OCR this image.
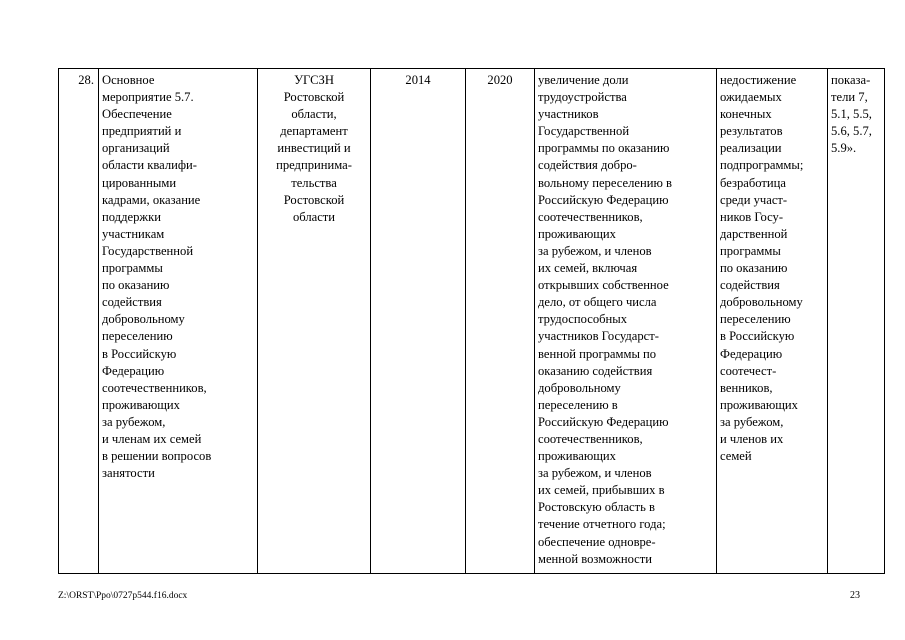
28.	Основное
мероприятие 5.7.
Обеспечение
предприятий и
организаций
области квалифи-
цированными
кадрами, оказание
поддержки
участникам
Государственной
программы
по оказанию
содействия
добровольному
переселению
в Российскую
Федерацию
соотечественников,
проживающих
за рубежом,
и членам их семей
в решении вопросов
занятости	УГСЗН
Ростовской
области,
департамент
инвестиций и
предпринима-
тельства
Ростовской
области	2014	2020	увеличение доли
трудоустройства
участников
Государственной
программы по оказанию
содействия добро-
вольному переселению в
Российскую Федерацию
соотечественников,
проживающих
за рубежом, и членов
их семей, включая
открывших собственное
дело, от общего числа
трудоспособных
участников Государст-
венной программы по
оказанию содействия
добровольному
переселению в
Российскую Федерацию
соотечественников,
проживающих
за рубежом, и членов
их семей, прибывших в
Ростовскую область в
течение отчетного года;
обеспечение одновре-
менной возможности	недостижение
ожидаемых
конечных
результатов
реализации
подпрограммы;
безработица
среди участ-
ников Госу-
дарственной
программы
по оказанию
содействия
добровольному
переселению
в Российскую
Федерацию
соотечест-
венников,
проживающих
за рубежом,
и членов их
семей	показа-
тели 7,
5.1, 5.5,
5.6, 5.7,
5.9».
Z:\ORST\Ppo\0727p544.f16.docx	23
